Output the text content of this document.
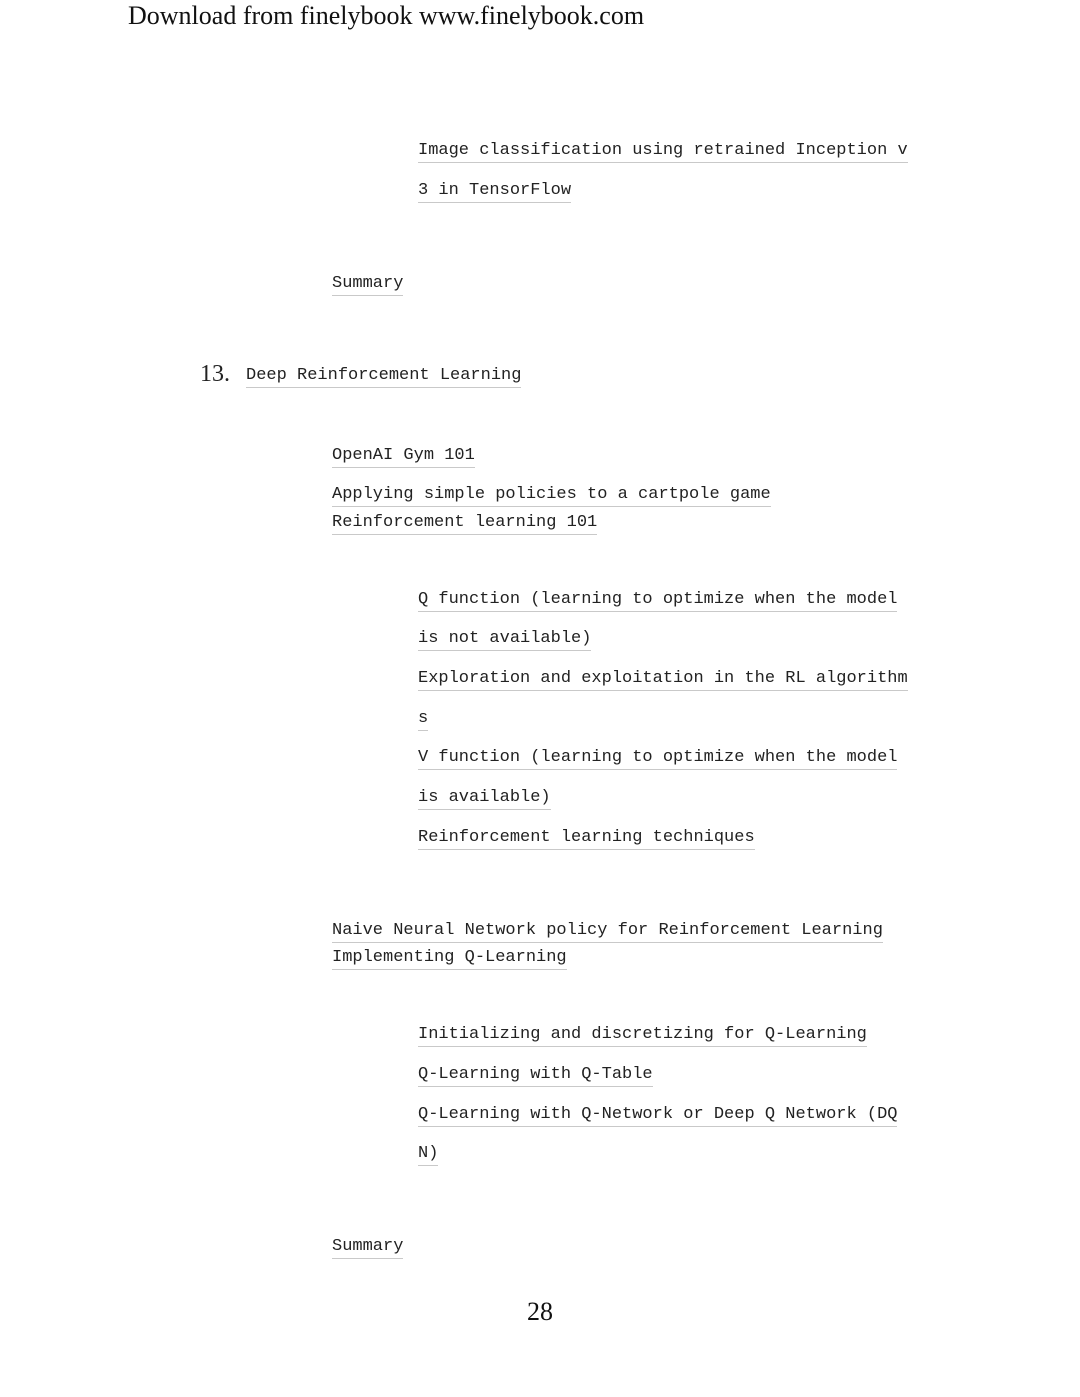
Download from finelybook www.finelybook.com
Image classification using retrained Inception v
3 in TensorFlow
Summary
13. Deep Reinforcement Learning
OpenAI Gym 101
Applying simple policies to a cartpole game
Reinforcement learning 101
Q function (learning to optimize when the model
is not available)
Exploration and exploitation in the RL algorithm
s
V function (learning to optimize when the model
is available)
Reinforcement learning techniques
Naive Neural Network policy for Reinforcement Learning
Implementing Q-Learning
Initializing and discretizing for Q-Learning
Q-Learning with Q-Table
Q-Learning with Q-Network or Deep Q Network (DQ
N)
Summary
28
